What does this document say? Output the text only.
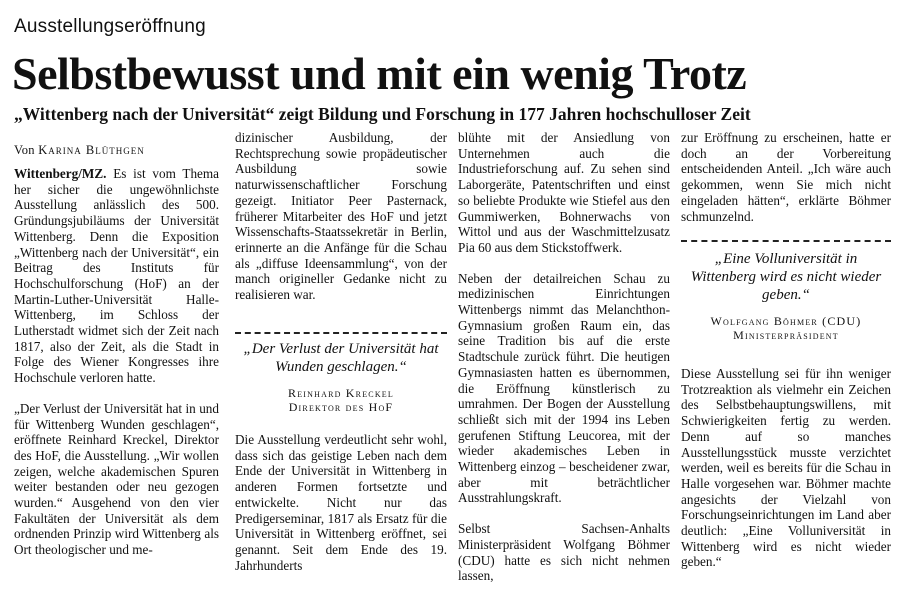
Ausstellungseröffnung
Selbstbewusst und mit ein wenig Trotz
„Wittenberg nach der Universität“ zeigt Bildung und Forschung in 177 Jahren hochschulloser Zeit
Von Karina Blüthgen

Wittenberg/MZ. Es ist vom Thema her sicher die ungewöhnlichste Ausstellung anlässlich des 500. Gründungsjubiläums der Universität Wittenberg. Denn die Exposition „Wittenberg nach der Universität“, ein Beitrag des Instituts für Hochschulforschung (HoF) an der Martin-Luther-Universität Halle-Wittenberg, im Schloss der Lutherstadt widmet sich der Zeit nach 1817, also der Zeit, als die Stadt in Folge des Wiener Kongresses ihre Hochschule verloren hatte.

„Der Verlust der Universität hat in und für Wittenberg Wunden geschlagen“, eröffnete Reinhard Kreckel, Direktor des HoF, die Ausstellung. „Wir wollen zeigen, welche akademischen Spuren weiter bestanden oder neu gezogen wurden.“ Ausgehend von den vier Fakultäten der Universität als dem ordnenden Prinzip wird Wittenberg als Ort theologischer und me-

dizinischer Ausbildung, der Rechtsprechung sowie propädeutischer Ausbildung sowie naturwissenschaftlicher Forschung gezeigt. Initiator Peer Pasternack, früherer Mitarbeiter des HoF und jetzt Wissenschafts-Staatssekretär in Berlin, erinnerte an die Anfänge für die Schau als „diffuse Ideensammlung“, von der manch origineller Gedanke nicht zu realisieren war.

„Der Verlust der Universität hat Wunden geschlagen.“
Reinhard Kreckel
Direktor des HoF

Die Ausstellung verdeutlicht sehr wohl, dass sich das geistige Leben nach dem Ende der Universität in Wittenberg in anderen Formen fortsetzte und entwickelte. Nicht nur das Predigerseminar, 1817 als Ersatz für die Universität in Wittenberg eröffnet, sei genannt. Seit dem Ende des 19. Jahrhunderts

blühte mit der Ansiedlung von Unternehmen auch die Industrieforschung auf. Zu sehen sind Laborgeräte, Patentschriften und einst so beliebte Produkte wie Stiefel aus den Gummiwerken, Bohnerwachs von Wittol und aus der Waschmittelzusatz Pia 60 aus dem Stickstoffwerk.

Neben der detailreichen Schau zu medizinischen Einrichtungen Wittenbergs nimmt das Melanchthon-Gymnasium großen Raum ein, das seine Tradition bis auf die erste Stadtschule zurück führt. Die heutigen Gymnasiasten hatten es übernommen, die Eröffnung künstlerisch zu umrahmen. Der Bogen der Ausstellung schließt sich mit der 1994 ins Leben gerufenen Stiftung Leucorea, mit der wieder akademisches Leben in Wittenberg einzog – bescheidener zwar, aber mit beträchtlicher Ausstrahlungskraft.

Selbst Sachsen-Anhalts Ministerpräsident Wolfgang Böhmer (CDU) hatte es sich nicht nehmen lassen,

zur Eröffnung zu erscheinen, hatte er doch an der Vorbereitung entscheidenden Anteil. „Ich wäre auch gekommen, wenn Sie mich nicht eingeladen hätten“, erklärte Böhmer schmunzelnd.

„Eine Volluniversität in Wittenberg wird es nicht wieder geben.“
Wolfgang Böhmer (CDU)
Ministerpräsident

Diese Ausstellung sei für ihn weniger Trotzreaktion als vielmehr ein Zeichen des Selbstbehauptungswillens, mit Schwierigkeiten fertig zu werden. Denn auf so manches Ausstellungsstück musste verzichtet werden, weil es bereits für die Schau in Halle vorgesehen war. Böhmer machte angesichts der Vielzahl von Forschungseinrichtungen im Land aber deutlich: „Eine Volluniversität in Wittenberg wird es nicht wieder geben.“
